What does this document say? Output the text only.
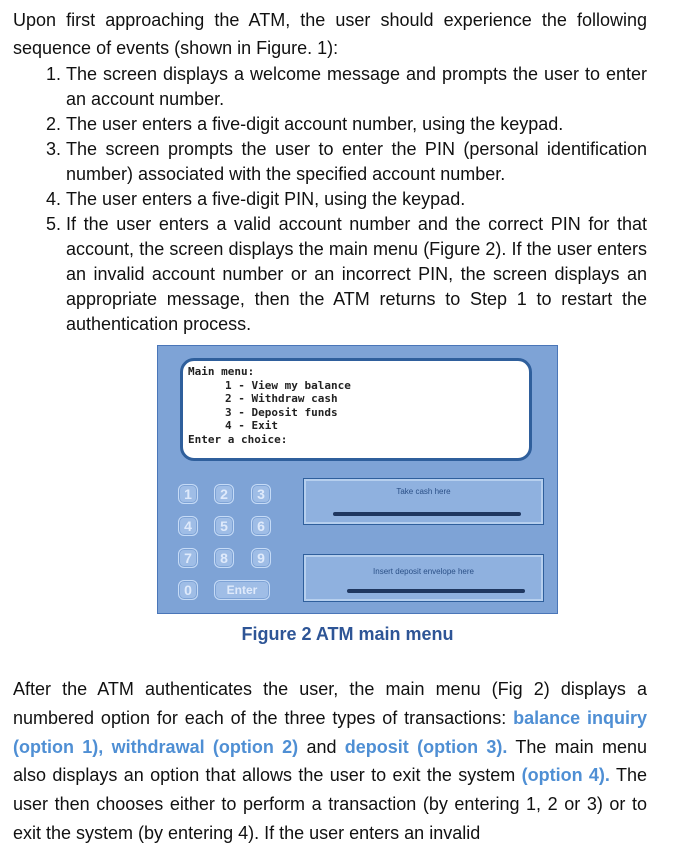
Upon first approaching the ATM, the user should experience the following sequence of events (shown in Figure. 1):

1. The screen displays a welcome message and prompts the user to enter an account number.
2. The user enters a five-digit account number, using the keypad.
3. The screen prompts the user to enter the PIN (personal identification number) associated with the specified account number.
4. The user enters a five-digit PIN, using the keypad.
5. If the user enters a valid account number and the correct PIN for that account, the screen displays the main menu (Figure 2). If the user enters an invalid account number or an incorrect PIN, the screen displays an appropriate message, then the ATM returns to Step 1 to restart the authentication process.
Main menu:
1 - View my balance
2 - Withdraw cash
3 - Deposit funds
4 - Exit
Enter a choice:
1	2	3
4	5	6
7	8	9
0	Enter
Take cash here
Insert deposit envelope here
Figure 2 ATM main menu

After the ATM authenticates the user, the main menu (Fig 2) displays a numbered option for each of the three types of transactions: balance inquiry (option 1), withdrawal (option 2) and deposit (option 3). The main menu also displays an option that allows the user to exit the system (option 4). The user then chooses either to perform a transaction (by entering 1, 2 or 3) or to exit the system (by entering 4). If the user enters an invalid
